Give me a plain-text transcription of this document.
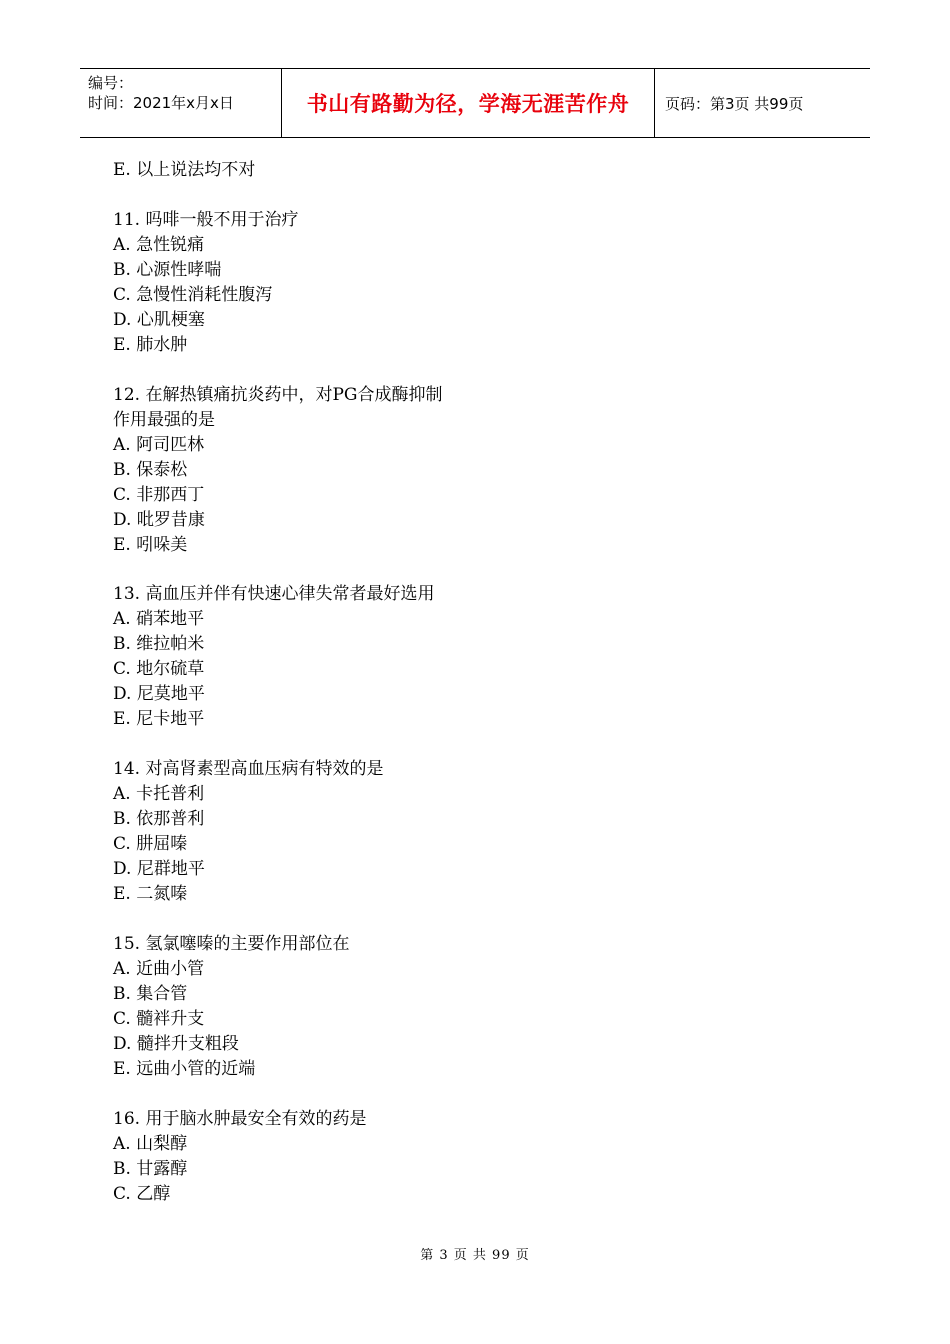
编号：
时间：2021年x月x日	书山有路勤为径，学海无涯苦作舟	页码：第3页 共99页
E. 以上说法均不对
11. 吗啡一般不用于治疗
A. 急性锐痛
B. 心源性哮喘
C. 急慢性消耗性腹泻
D. 心肌梗塞
E. 肺水肿
12. 在解热镇痛抗炎药中，对PG合成酶抑制
作用最强的是
A. 阿司匹林
B. 保泰松
C. 非那西丁
D. 吡罗昔康
E. 吲哚美
13. 高血压并伴有快速心律失常者最好选用
A. 硝苯地平
B. 维拉帕米
C. 地尔硫草
D. 尼莫地平
E. 尼卡地平
14. 对高肾素型高血压病有特效的是
A. 卡托普利
B. 依那普利
C. 肼屈嗪
D. 尼群地平
E. 二氮嗪
15. 氢氯噻嗪的主要作用部位在
A. 近曲小管
B. 集合管
C. 髓袢升支
D. 髓拌升支粗段
E. 远曲小管的近端
16. 用于脑水肿最安全有效的药是
A. 山梨醇
B. 甘露醇
C. 乙醇
第 3 页 共 99 页
